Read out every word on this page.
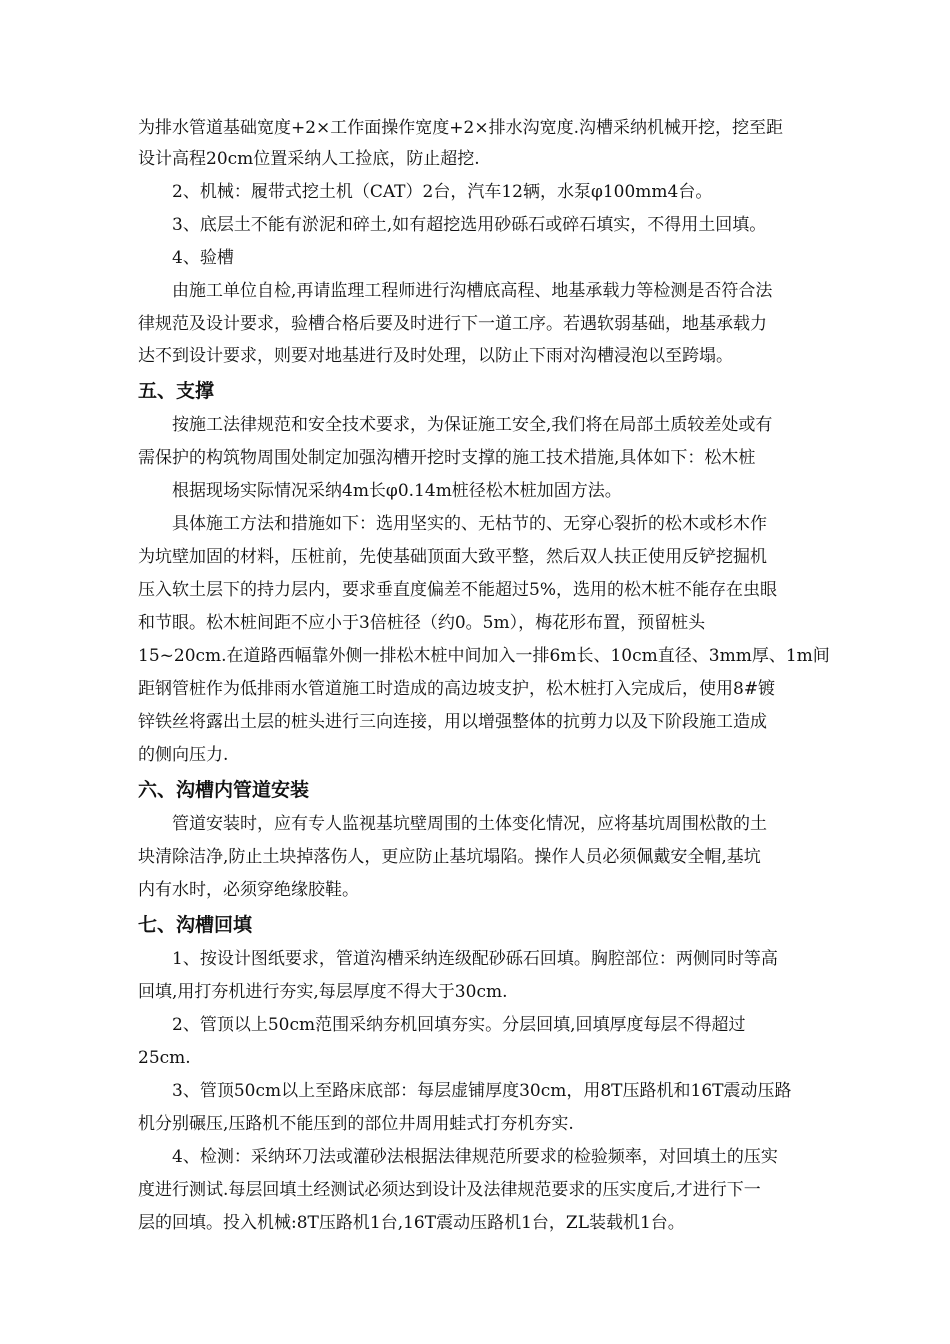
为排水管道基础宽度+2×工作面操作宽度+2×排水沟宽度.沟槽采纳机械开挖，挖至距
设计高程20cm位置采纳人工捡底，防止超挖.
2、机械：履带式挖土机（CAT）2台，汽车12辆，水泵φ100mm4台。
3、底层土不能有淤泥和碎土,如有超挖选用砂砾石或碎石填实，不得用土回填。
4、验槽
由施工单位自检,再请监理工程师进行沟槽底高程、地基承载力等检测是否符合法
律规范及设计要求，验槽合格后要及时进行下一道工序。若遇软弱基础，地基承载力
达不到设计要求，则要对地基进行及时处理，以防止下雨对沟槽浸泡以至跨塌。
五、支撑
按施工法律规范和安全技术要求，为保证施工安全,我们将在局部土质较差处或有
需保护的构筑物周围处制定加强沟槽开挖时支撑的施工技术措施,具体如下：松木桩
根据现场实际情况采纳4m长φ0.14m桩径松木桩加固方法。
具体施工方法和措施如下：选用坚实的、无枯节的、无穿心裂折的松木或杉木作
为坑壁加固的材料，压桩前，先使基础顶面大致平整，然后双人扶正使用反铲挖掘机
压入软土层下的持力层内，要求垂直度偏差不能超过5%，选用的松木桩不能存在虫眼
和节眼。松木桩间距不应小于3倍桩径（约0。5m），梅花形布置，预留桩头
15~20cm.在道路西幅靠外侧一排松木桩中间加入一排6m长、10cm直径、3mm厚、1m间
距钢管桩作为低排雨水管道施工时造成的高边坡支护，松木桩打入完成后，使用8#镀
锌铁丝将露出土层的桩头进行三向连接，用以增强整体的抗剪力以及下阶段施工造成
的侧向压力.
六、沟槽内管道安装
管道安装时，应有专人监视基坑壁周围的土体变化情况，应将基坑周围松散的土
块清除洁净,防止土块掉落伤人，更应防止基坑塌陷。操作人员必须佩戴安全帽,基坑
内有水时，必须穿绝缘胶鞋。
七、沟槽回填
1、按设计图纸要求，管道沟槽采纳连级配砂砾石回填。胸腔部位：两侧同时等高
回填,用打夯机进行夯实,每层厚度不得大于30cm.
2、管顶以上50cm范围采纳夯机回填夯实。分层回填,回填厚度每层不得超过
25cm.
3、管顶50cm以上至路床底部：每层虚铺厚度30cm，用8T压路机和16T震动压路
机分别碾压,压路机不能压到的部位井周用蛙式打夯机夯实.
4、检测：采纳环刀法或灌砂法根据法律规范所要求的检验频率，对回填土的压实
度进行测试.每层回填土经测试必须达到设计及法律规范要求的压实度后,才进行下一
层的回填。投入机械:8T压路机1台,16T震动压路机1台，ZL装载机1台。
